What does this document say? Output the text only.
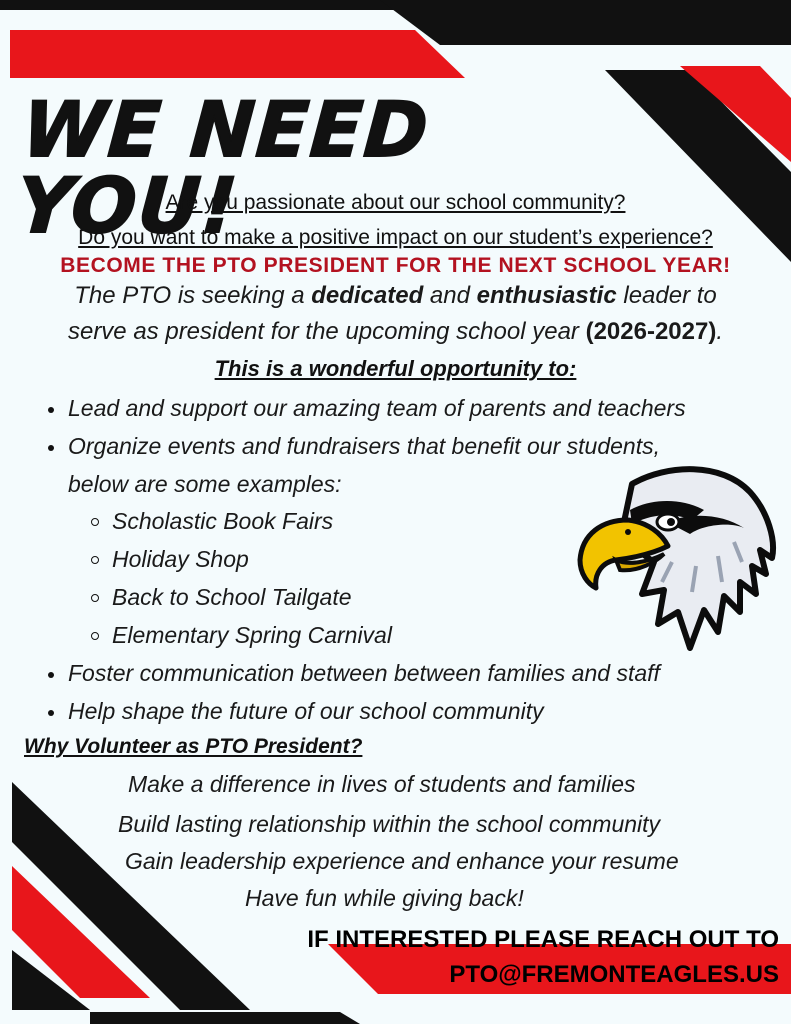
WE NEED YOU!
Are you passionate about our school community?
Do you want to make a positive impact on our student’s experience?
BECOME THE PTO PRESIDENT FOR THE NEXT SCHOOL YEAR!
The PTO is seeking a dedicated and enthusiastic leader to
serve as president for the upcoming school year (2026-2027).
This is a wonderful opportunity to:
Lead and support our amazing team of parents and teachers
Organize events and fundraisers that benefit our students,
below are some examples:
Scholastic Book Fairs
Holiday Shop
Back to School Tailgate
Elementary Spring Carnival
Foster communication between between families and staff
Help shape the future of our school community
Why Volunteer as PTO President?
Make a difference in lives of students and families
Build lasting relationship within the school community
Gain leadership experience and enhance your resume
Have fun while giving back!
IF INTERESTED PLEASE REACH OUT TO
PTO@FREMONTEAGLES.US
